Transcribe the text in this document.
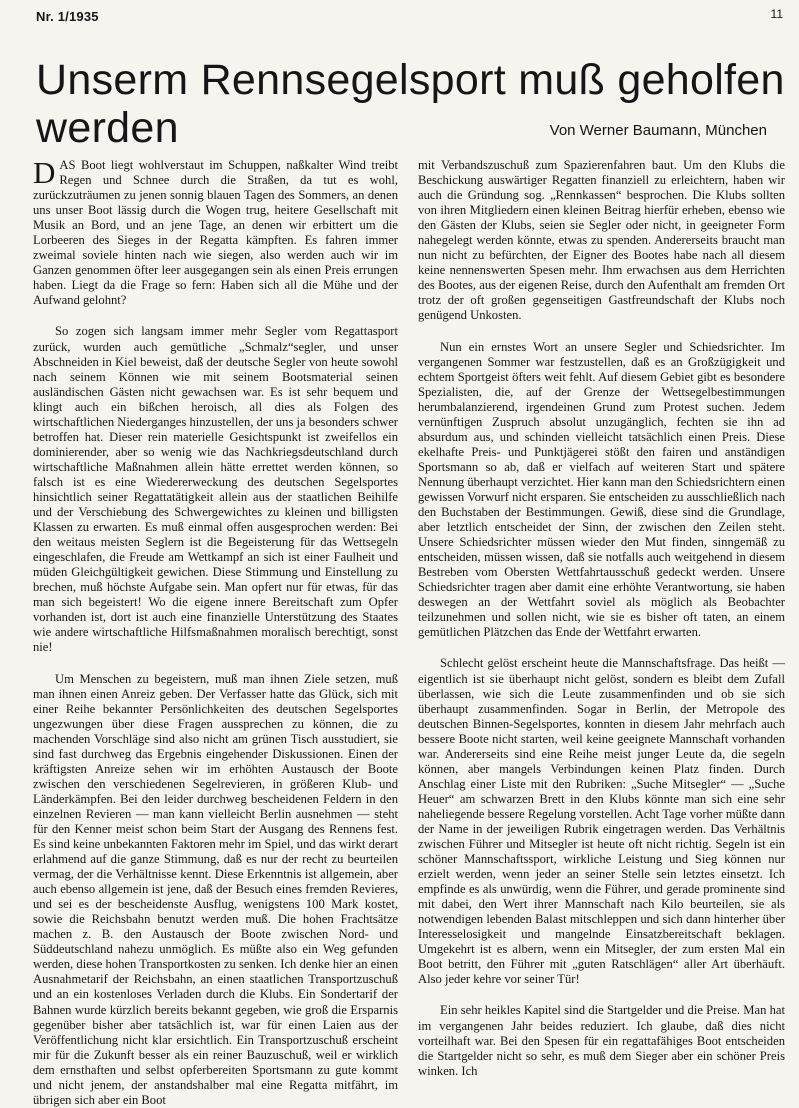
Nr. 1/1935	11
Unserm Rennsegelsport muß geholfen
werden	Von Werner Baumann, München

DAS Boot liegt wohlverstaut im Schuppen, naßkalter Wind treibt Regen und Schnee durch die Straßen, da tut es wohl, zurückzuträumen zu jenen sonnig blauen Tagen des Sommers, an denen uns unser Boot lässig durch die Wogen trug, heitere Gesellschaft mit Musik an Bord, und an jene Tage, an denen wir erbittert um die Lorbeeren des Sieges in der Regatta kämpften. Es fahren immer zweimal soviele hinten nach wie siegen, also werden auch wir im Ganzen genommen öfter leer ausgegangen sein als einen Preis errungen haben. Liegt da die Frage so fern: Haben sich all die Mühe und der Aufwand gelohnt?

So zogen sich langsam immer mehr Segler vom Regattasport zurück, wurden auch gemütliche „Schmalz“segler, und unser Abschneiden in Kiel beweist, daß der deutsche Segler von heute sowohl nach seinem Können wie mit seinem Bootsmaterial seinen ausländischen Gästen nicht gewachsen war. Es ist sehr bequem und klingt auch ein bißchen heroisch, all dies als Folgen des wirtschaftlichen Niederganges hinzustellen, der uns ja besonders schwer betroffen hat. Dieser rein materielle Gesichtspunkt ist zweifellos ein dominierender, aber so wenig wie das Nachkriegsdeutschland durch wirtschaftliche Maßnahmen allein hätte errettet werden können, so falsch ist es eine Wiedererweckung des deutschen Segelsportes hinsichtlich seiner Regattatätigkeit allein aus der staatlichen Beihilfe und der Verschiebung des Schwergewichtes zu kleinen und billigsten Klassen zu erwarten. Es muß einmal offen ausgesprochen werden: Bei den weitaus meisten Seglern ist die Begeisterung für das Wettsegeln eingeschlafen, die Freude am Wettkampf an sich ist einer Faulheit und müden Gleichgültigkeit gewichen. Diese Stimmung und Einstellung zu brechen, muß höchste Aufgabe sein. Man opfert nur für etwas, für das man sich begeistert! Wo die eigene innere Bereitschaft zum Opfer vorhanden ist, dort ist auch eine finanzielle Unterstützung des Staates wie andere wirtschaftliche Hilfsmaßnahmen moralisch berechtigt, sonst nie!

Um Menschen zu begeistern, muß man ihnen Ziele setzen, muß man ihnen einen Anreiz geben. Der Verfasser hatte das Glück, sich mit einer Reihe bekannter Persönlichkeiten des deutschen Segelsportes ungezwungen über diese Fragen aussprechen zu können, die zu machenden Vorschläge sind also nicht am grünen Tisch ausstudiert, sie sind fast durchweg das Ergebnis eingehender Diskussionen. Einen der kräftigsten Anreize sehen wir im erhöhten Austausch der Boote zwischen den verschiedenen Segelrevieren, in größeren Klub- und Länderkämpfen. Bei den leider durchweg bescheidenen Feldern in den einzelnen Revieren — man kann vielleicht Berlin ausnehmen — steht für den Kenner meist schon beim Start der Ausgang des Rennens fest. Es sind keine unbekannten Faktoren mehr im Spiel, und das wirkt derart erlahmend auf die ganze Stimmung, daß es nur der recht zu beurteilen vermag, der die Verhältnisse kennt. Diese Erkenntnis ist allgemein, aber auch ebenso allgemein ist jene, daß der Besuch eines fremden Revieres, und sei es der bescheidenste Ausflug, wenigstens 100 Mark kostet, sowie die Reichsbahn benutzt werden muß. Die hohen Frachtsätze machen z. B. den Austausch der Boote zwischen Nord- und Süddeutschland nahezu unmöglich. Es müßte also ein Weg gefunden werden, diese hohen Transportkosten zu senken. Ich denke hier an einen Ausnahmetarif der Reichsbahn, an einen staatlichen Transportzuschuß und an ein kostenloses Verladen durch die Klubs. Ein Sondertarif der Bahnen wurde kürzlich bereits bekannt gegeben, wie groß die Ersparnis gegenüber bisher aber tatsächlich ist, war für einen Laien aus der Veröffentlichung nicht klar ersichtlich. Ein Transportzuschuß erscheint mir für die Zukunft besser als ein reiner Bauzuschuß, weil er wirklich dem ernsthaften und selbst opferbereiten Sportsmann zu gute kommt und nicht jenem, der anstandshalber mal eine Regatta mitfährt, im übrigen sich aber ein Boot

mit Verbandszuschuß zum Spazierenfahren baut. Um den Klubs die Beschickung auswärtiger Regatten finanziell zu erleichtern, haben wir auch die Gründung sog. „Rennkassen“ besprochen. Die Klubs sollten von ihren Mitgliedern einen kleinen Beitrag hierfür erheben, ebenso wie den Gästen der Klubs, seien sie Segler oder nicht, in geeigneter Form nahegelegt werden könnte, etwas zu spenden. Andererseits braucht man nun nicht zu befürchten, der Eigner des Bootes habe nach all diesem keine nennenswerten Spesen mehr. Ihm erwachsen aus dem Herrichten des Bootes, aus der eigenen Reise, durch den Aufenthalt am fremden Ort trotz der oft großen gegenseitigen Gastfreundschaft der Klubs noch genügend Unkosten.

Nun ein ernstes Wort an unsere Segler und Schiedsrichter. Im vergangenen Sommer war festzustellen, daß es an Großzügigkeit und echtem Sportgeist öfters weit fehlt. Auf diesem Gebiet gibt es besondere Spezialisten, die, auf der Grenze der Wettsegelbestimmungen herumbalanzierend, irgendeinen Grund zum Protest suchen. Jedem vernünftigen Zuspruch absolut unzugänglich, fechten sie ihn ad absurdum aus, und schinden vielleicht tatsächlich einen Preis. Diese ekelhafte Preis- und Punktjägerei stößt den fairen und anständigen Sportsmann so ab, daß er vielfach auf weiteren Start und spätere Nennung überhaupt verzichtet. Hier kann man den Schiedsrichtern einen gewissen Vorwurf nicht ersparen. Sie entscheiden zu ausschließlich nach den Buchstaben der Bestimmungen. Gewiß, diese sind die Grundlage, aber letztlich entscheidet der Sinn, der zwischen den Zeilen steht. Unsere Schiedsrichter müssen wieder den Mut finden, sinngemäß zu entscheiden, müssen wissen, daß sie notfalls auch weitgehend in diesem Bestreben vom Obersten Wettfahrtausschuß gedeckt werden. Unsere Schiedsrichter tragen aber damit eine erhöhte Verantwortung, sie haben deswegen an der Wettfahrt soviel als möglich als Beobachter teilzunehmen und sollen nicht, wie sie es bisher oft taten, an einem gemütlichen Plätzchen das Ende der Wettfahrt erwarten.

Schlecht gelöst erscheint heute die Mannschaftsfrage. Das heißt — eigentlich ist sie überhaupt nicht gelöst, sondern es bleibt dem Zufall überlassen, wie sich die Leute zusammenfinden und ob sie sich überhaupt zusammenfinden. Sogar in Berlin, der Metropole des deutschen Binnen-Segelsportes, konnten in diesem Jahr mehrfach auch bessere Boote nicht starten, weil keine geeignete Mannschaft vorhanden war. Andererseits sind eine Reihe meist junger Leute da, die segeln können, aber mangels Verbindungen keinen Platz finden. Durch Anschlag einer Liste mit den Rubriken: „Suche Mitsegler“ — „Suche Heuer“ am schwarzen Brett in den Klubs könnte man sich eine sehr naheliegende bessere Regelung vorstellen. Acht Tage vorher müßte dann der Name in der jeweiligen Rubrik eingetragen werden. Das Verhältnis zwischen Führer und Mitsegler ist heute oft nicht richtig. Segeln ist ein schöner Mannschaftssport, wirkliche Leistung und Sieg können nur erzielt werden, wenn jeder an seiner Stelle sein letztes einsetzt. Ich empfinde es als unwürdig, wenn die Führer, und gerade prominente sind mit dabei, den Wert ihrer Mannschaft nach Kilo beurteilen, sie als notwendigen lebenden Balast mitschleppen und sich dann hinterher über Interesselosigkeit und mangelnde Einsatzbereitschaft beklagen. Umgekehrt ist es albern, wenn ein Mitsegler, der zum ersten Mal ein Boot betritt, den Führer mit „guten Ratschlägen“ aller Art überhäuft. Also jeder kehre vor seiner Tür!

Ein sehr heikles Kapitel sind die Startgelder und die Preise. Man hat im vergangenen Jahr beides reduziert. Ich glaube, daß dies nicht vorteilhaft war. Bei den Spesen für ein regattafähiges Boot entscheiden die Startgelder nicht so sehr, es muß dem Sieger aber ein schöner Preis winken. Ich
